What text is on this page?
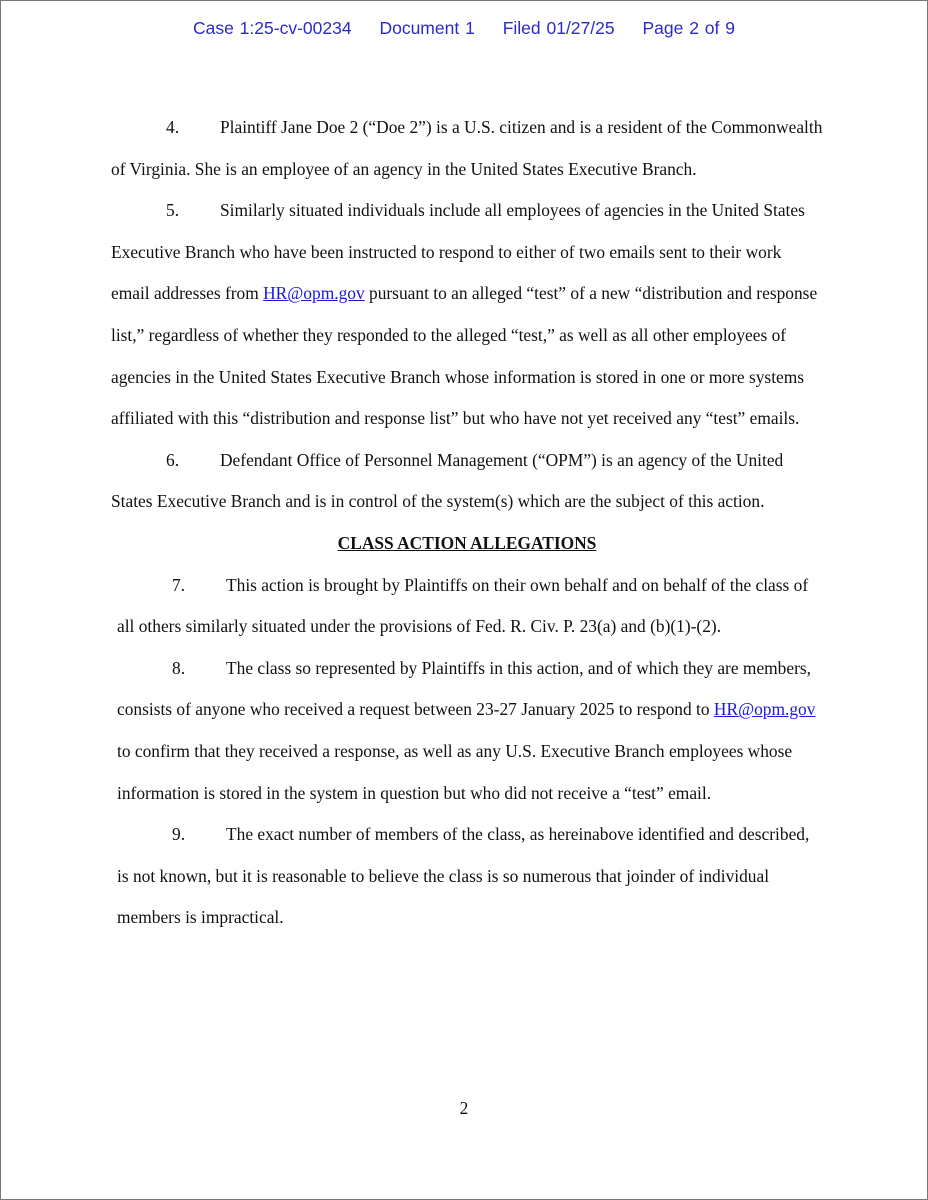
Case 1:25-cv-00234 Document 1 Filed 01/27/25 Page 2 of 9

4. Plaintiff Jane Doe 2 (“Doe 2”) is a U.S. citizen and is a resident of the Commonwealth of Virginia. She is an employee of an agency in the United States Executive Branch.

5. Similarly situated individuals include all employees of agencies in the United States Executive Branch who have been instructed to respond to either of two emails sent to their work email addresses from HR@opm.gov pursuant to an alleged “test” of a new “distribution and response list,” regardless of whether they responded to the alleged “test,” as well as all other employees of agencies in the United States Executive Branch whose information is stored in one or more systems affiliated with this “distribution and response list” but who have not yet received any “test” emails.

6. Defendant Office of Personnel Management (“OPM”) is an agency of the United States Executive Branch and is in control of the system(s) which are the subject of this action.

CLASS ACTION ALLEGATIONS

7. This action is brought by Plaintiffs on their own behalf and on behalf of the class of all others similarly situated under the provisions of Fed. R. Civ. P. 23(a) and (b)(1)-(2).

8. The class so represented by Plaintiffs in this action, and of which they are members, consists of anyone who received a request between 23-27 January 2025 to respond to HR@opm.gov to confirm that they received a response, as well as any U.S. Executive Branch employees whose information is stored in the system in question but who did not receive a “test” email.

9. The exact number of members of the class, as hereinabove identified and described, is not known, but it is reasonable to believe the class is so numerous that joinder of individual members is impractical.

2
